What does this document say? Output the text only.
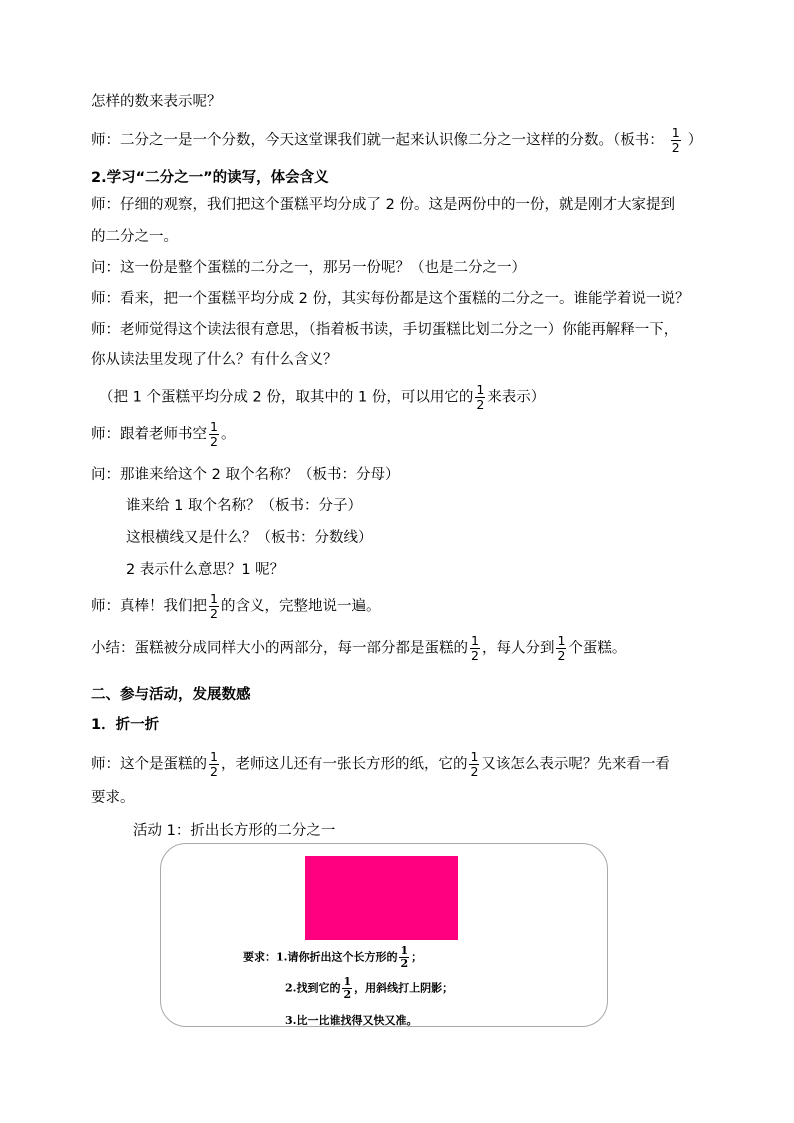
怎样的数来表示呢？
师：二分之一是一个分数，今天这堂课我们就一起来认识像二分之一这样的分数。（板书： $\frac{1}{2}$ ）
2.学习“二分之一”的读写，体会含义
师：仔细的观察，我们把这个蛋糕平均分成了 2 份。这是两份中的一份，就是刚才大家提到
的二分之一。
问：这一份是整个蛋糕的二分之一，那另一份呢？（也是二分之一）
师：看来，把一个蛋糕平均分成 2 份，其实每份都是这个蛋糕的二分之一。谁能学着说一说？
师：老师觉得这个读法很有意思，（指着板书读，手切蛋糕比划二分之一）你能再解释一下，
你从读法里发现了什么？有什么含义？
（把 1 个蛋糕平均分成 2 份，取其中的 1 份，可以用它的 $\frac{1}{2}$ 来表示）
师：跟着老师书空 $\frac{1}{2}$ 。
问：那谁来给这个 2 取个名称？（板书：分母）
谁来给 1 取个名称？（板书：分子）
这根横线又是什么？（板书：分数线）
2 表示什么意思？1 呢？
师：真棒！我们把 $\frac{1}{2}$ 的含义，完整地说一遍。
小结：蛋糕被分成同样大小的两部分，每一部分都是蛋糕的 $\frac{1}{2}$ ，每人分到 $\frac{1}{2}$ 个蛋糕。
二、参与活动，发展数感
1．折一折
师：这个是蛋糕的 $\frac{1}{2}$ ，老师这儿还有一张长方形的纸，它的 $\frac{1}{2}$ 又该怎么表示呢？先来看一看
要求。
活动 1：折出长方形的二分之一
要求：1.请你折出这个长方形的 $\frac{1}{2}$ ；
2.找到它的 $\frac{1}{2}$ ，用斜线打上阴影；
3.比一比谁找得又快又准。
